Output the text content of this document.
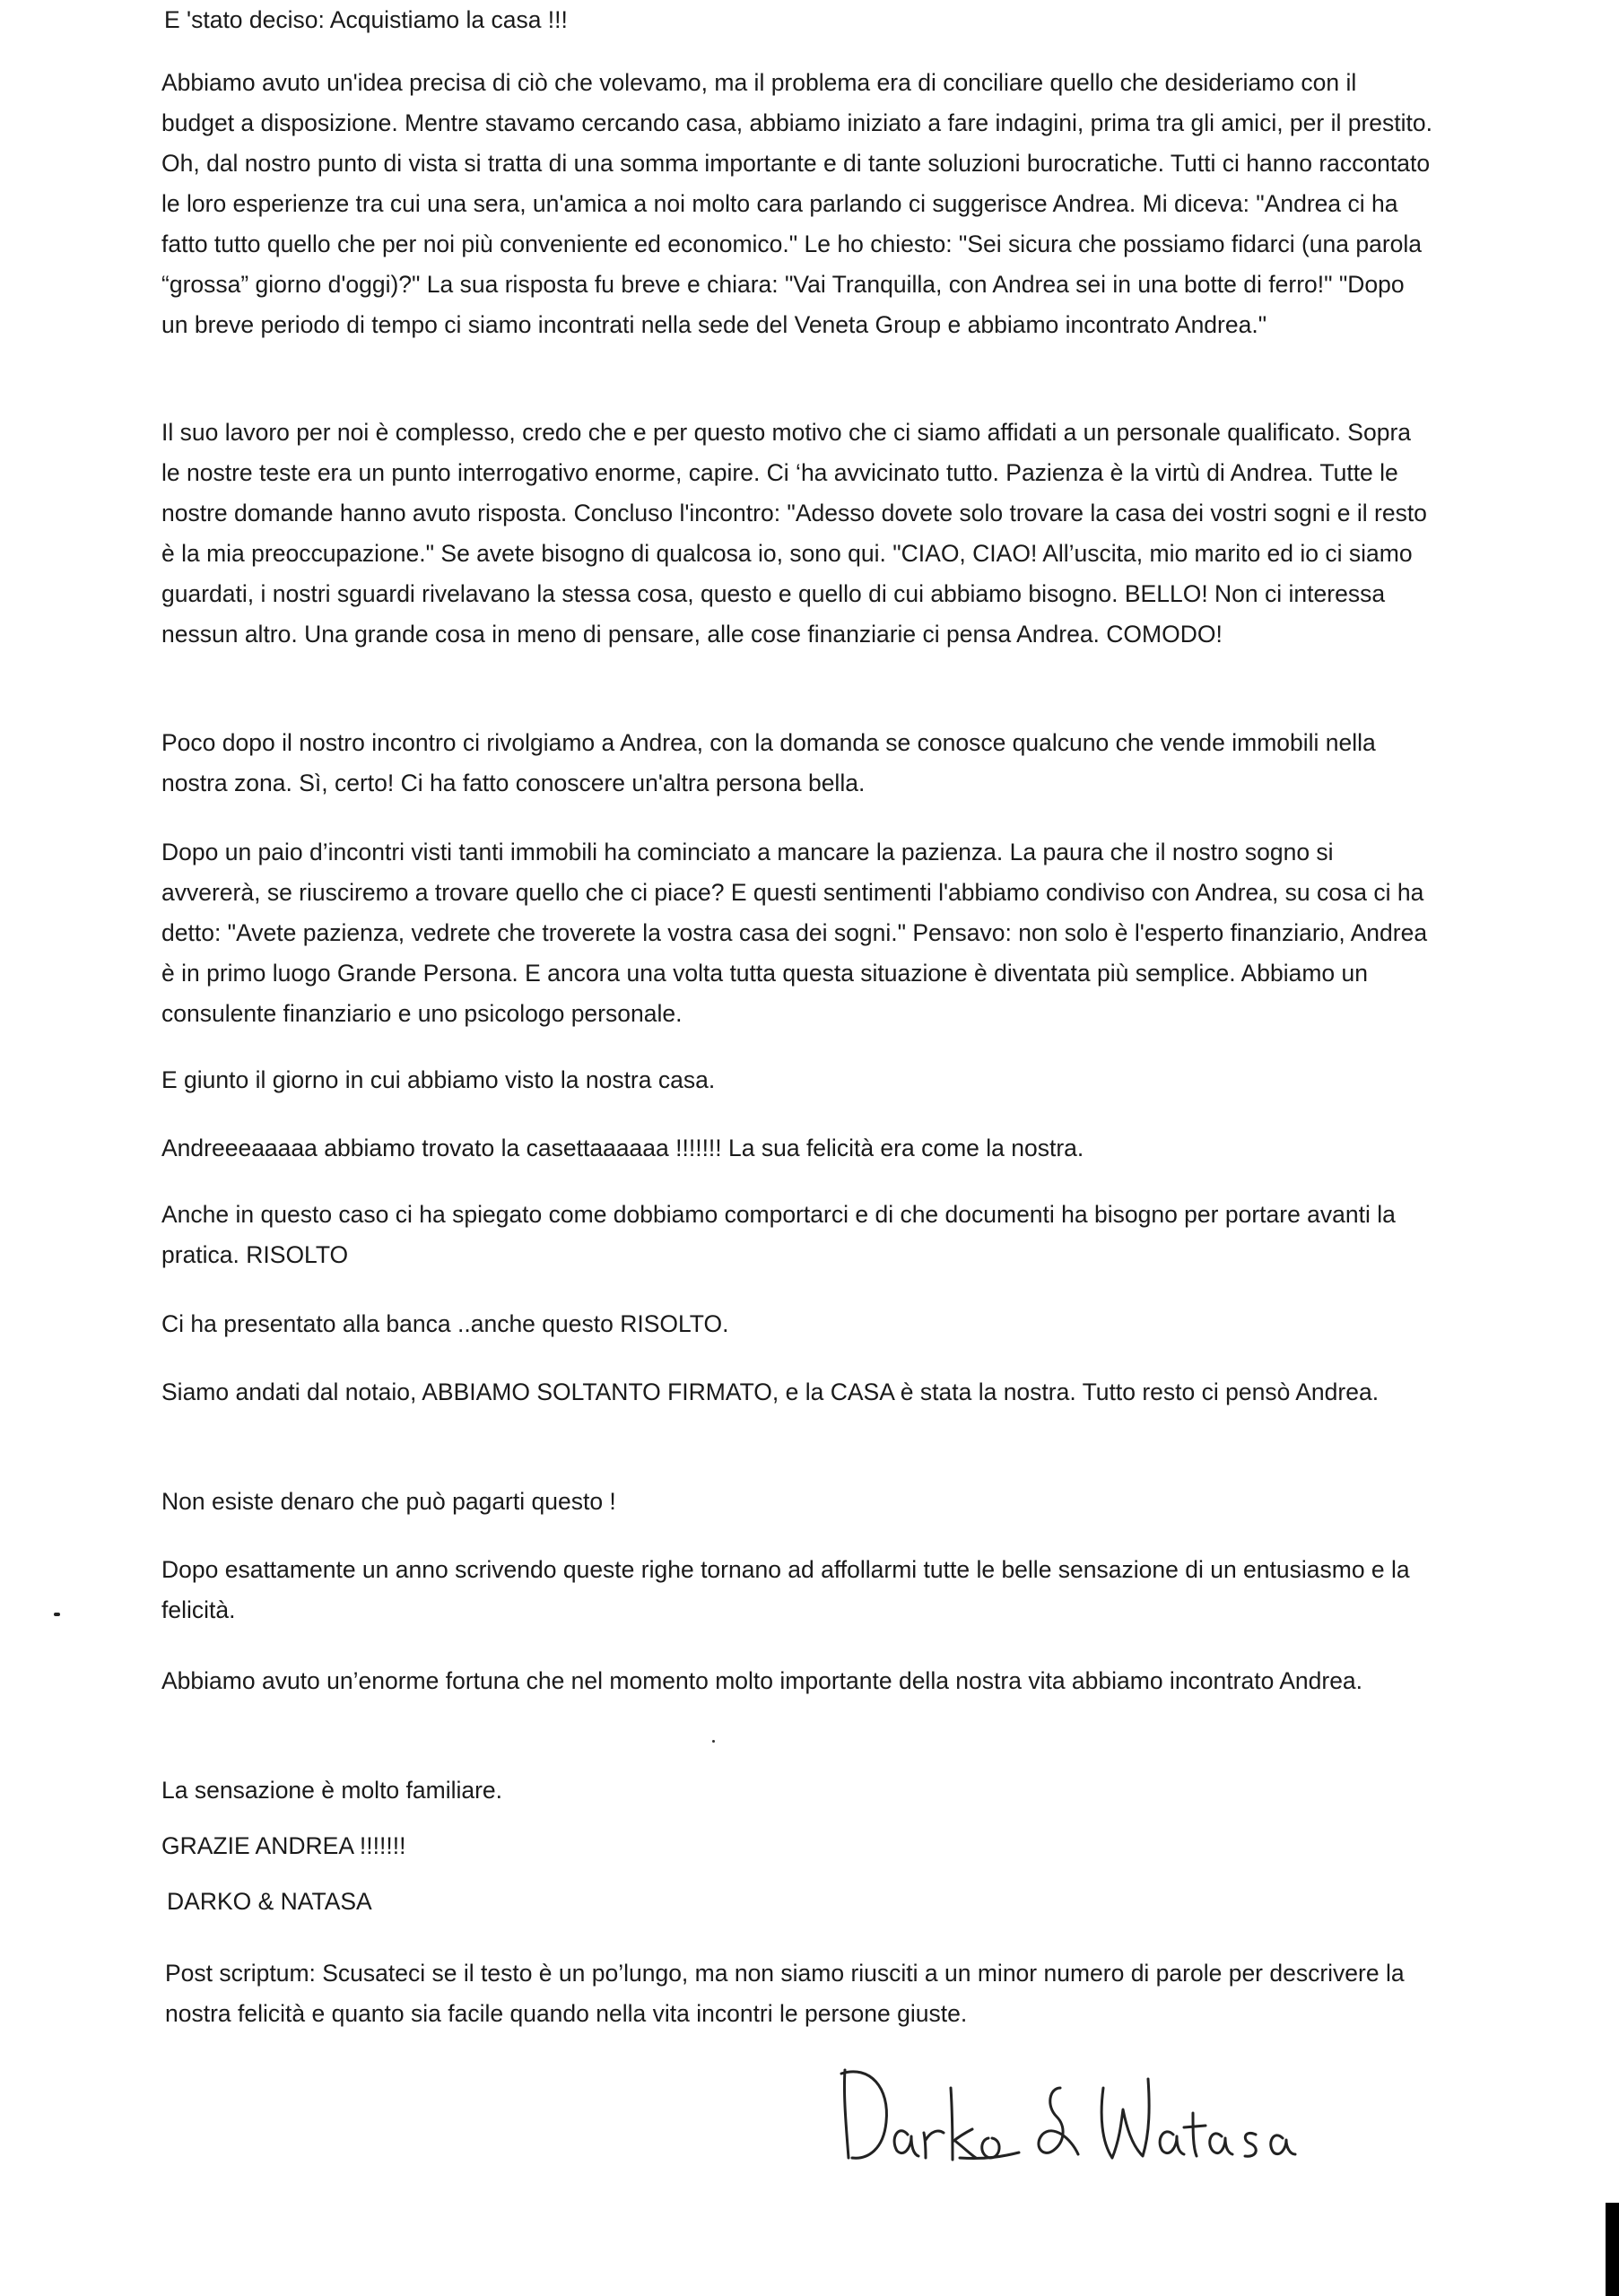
E 'stato deciso: Acquistiamo la casa !!!

Abbiamo avuto un'idea precisa di ciò che volevamo, ma il problema era di conciliare quello che desideriamo con il budget a disposizione. Mentre stavamo cercando casa, abbiamo iniziato a fare indagini, prima tra gli amici, per il prestito. Oh, dal nostro punto di vista si tratta di una somma importante e di tante soluzioni burocratiche. Tutti ci hanno raccontato le loro esperienze tra cui una sera, un'amica a noi molto cara parlando ci suggerisce Andrea. Mi diceva: "Andrea ci ha fatto tutto quello che per noi più conveniente ed economico." Le ho chiesto: "Sei sicura che possiamo fidarci (una parola “grossa” giorno d'oggi)?" La sua risposta fu breve e chiara: "Vai Tranquilla, con Andrea sei in una botte di ferro!" "Dopo un breve periodo di tempo ci siamo incontrati nella sede del Veneta Group e abbiamo incontrato Andrea."

Il suo lavoro per noi è complesso, credo che e per questo motivo che ci siamo affidati a un personale qualificato. Sopra le nostre teste era un punto interrogativo enorme, capire. Ci ‘ha avvicinato tutto. Pazienza è la virtù di Andrea. Tutte le nostre domande hanno avuto risposta. Concluso l'incontro: "Adesso dovete solo trovare la casa dei vostri sogni e il resto è la mia preoccupazione." Se avete bisogno di qualcosa io, sono qui. "CIAO, CIAO! All’uscita, mio marito ed io ci siamo guardati, i nostri sguardi rivelavano la stessa cosa, questo e quello di cui abbiamo bisogno. BELLO! Non ci interessa nessun altro. Una grande cosa in meno di pensare, alle cose finanziarie ci pensa Andrea. COMODO!

Poco dopo il nostro incontro ci rivolgiamo a Andrea, con la domanda se conosce qualcuno che vende immobili nella nostra zona. Sì, certo! Ci ha fatto conoscere un'altra persona bella.

Dopo un paio d’incontri visti tanti immobili ha cominciato a mancare la pazienza. La paura che il nostro sogno si avvererà, se riusciremo a trovare quello che ci piace? E questi sentimenti l'abbiamo condiviso con Andrea, su cosa ci ha detto: "Avete pazienza, vedrete che troverete la vostra casa dei sogni." Pensavo: non solo è l'esperto finanziario, Andrea è in primo luogo Grande Persona. E ancora una volta tutta questa situazione è diventata più semplice. Abbiamo un consulente finanziario e uno psicologo personale.

E giunto il giorno in cui abbiamo visto la nostra casa.

Andreeeaaaaa abbiamo trovato la casettaaaaaa !!!!!!! La sua felicità era come la nostra.

Anche in questo caso ci ha spiegato come dobbiamo comportarci e di che documenti ha bisogno per portare avanti la pratica. RISOLTO

Ci ha presentato alla banca ..anche questo RISOLTO.

Siamo andati dal notaio, ABBIAMO SOLTANTO FIRMATO, e la CASA è stata la nostra. Tutto resto ci pensò Andrea.

Non esiste denaro che può pagarti questo !

Dopo esattamente un anno scrivendo queste righe tornano ad affollarmi tutte le belle sensazione di un entusiasmo e la felicità.

Abbiamo avuto un’enorme fortuna che nel momento molto importante della nostra vita abbiamo incontrato Andrea.

La sensazione è molto familiare.

GRAZIE ANDREA !!!!!!!

DARKO & NATASA

Post scriptum: Scusateci se il testo è un po’lungo, ma non siamo riusciti a un minor numero di parole per descrivere la nostra felicità e quanto sia facile quando nella vita incontri le persone giuste.
